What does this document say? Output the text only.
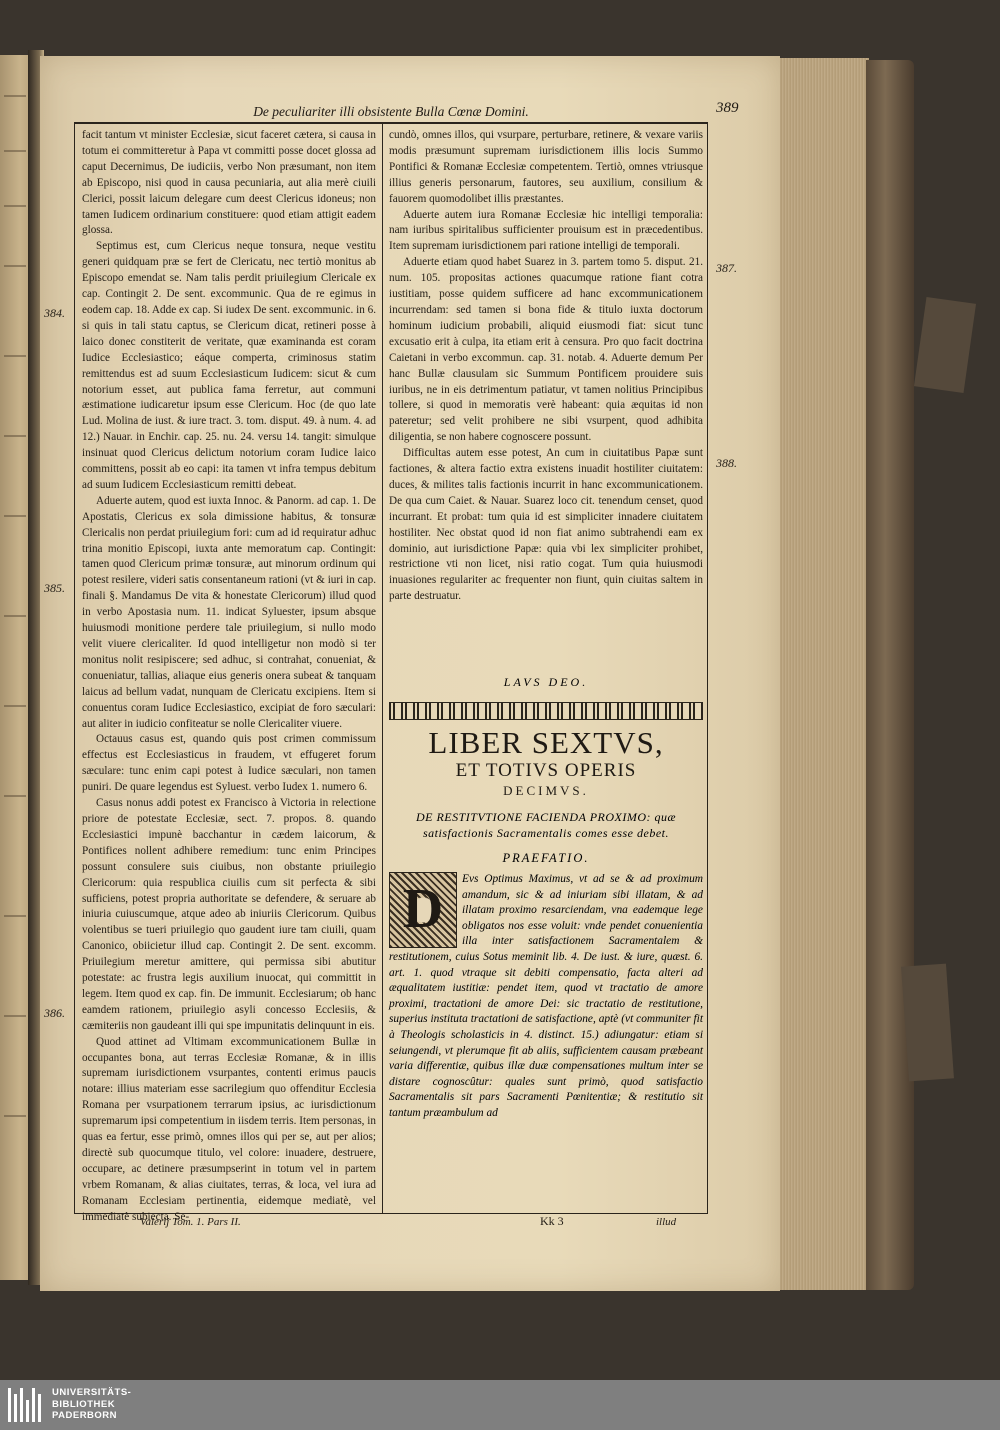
De peculiariter illi obsistente Bulla Cœnæ Domini.	389

facit tantum vt minister Ecclesiæ, sicut faceret cætera, si causa in totum ei committeretur à Papa vt committi posse docet glossa ad caput Decernimus, De iudiciis, verbo Non præsumant, non item ab Episcopo, nisi quod in causa pecuniaria, aut alia merè ciuili Clerici, possit laicum delegare cum deest Clericus idoneus; non tamen Iudicem ordinarium constituere: quod etiam attigit eadem glossa.

Septimus est, cum Clericus neque tonsura, neque vestitu generi quidquam præ se fert de Clericatu, nec tertiò monitus ab Episcopo emendat se. Nam talis perdit priuilegium Clericale ex cap. Contingit 2. De sent. excommunic. Qua de re egimus in eodem cap. 18. Adde ex cap. Si iudex De sent. excommunic. in 6. si quis in tali statu captus, se Clericum dicat, retineri posse à laico donec constiterit de veritate, quæ examinanda est coram Iudice Ecclesiastico; eáque comperta, criminosus statim remittendus est ad suum Ecclesiasticum Iudicem: sicut & cum notorium esset, aut publica fama ferretur, aut communi æstimatione iudicaretur ipsum esse Clericum. Hoc (de quo late Lud. Molina de iust. & iure tract. 3. tom. disput. 49. à num. 4. ad 12.) Nauar. in Enchir. cap. 25. nu. 24. versu 14. tangit: simulque insinuat quod Clericus delictum notorium coram Iudice laico committens, possit ab eo capi: ita tamen vt infra tempus debitum ad suum Iudicem Ecclesiasticum remitti debeat.

Aduerte autem, quod est iuxta Innoc. & Panorm. ad cap. 1. De Apostatis, Clericus ex sola dimissione habitus, & tonsuræ Clericalis non perdat priuilegium fori: cum ad id requiratur adhuc trina monitio Episcopi, iuxta ante memoratum cap. Contingit: tamen quod Clericum primæ tonsuræ, aut minorum ordinum qui potest resilere, videri satis consentaneum rationi (vt & iuri in cap. finali §. Mandamus De vita & honestate Clericorum) illud quod in verbo Apostasia num. 11. indicat Syluester, ipsum absque huiusmodi monitione perdere tale priuilegium, si nullo modo velit viuere clericaliter. Id quod intelligetur non modò si ter monitus nolit resipiscere; sed adhuc, si contrahat, conueniat, & conueniatur, tallias, aliaque eius generis onera subeat & tanquam laicus ad bellum vadat, nunquam de Clericatu excipiens. Item si conuentus coram Iudice Ecclesiastico, excipiat de foro sæculari: aut aliter in iudicio confiteatur se nolle Clericaliter viuere.

Octauus casus est, quando quis post crimen commissum effectus est Ecclesiasticus in fraudem, vt effugeret forum sæculare: tunc enim capi potest à Iudice sæculari, non tamen puniri. De quare legendus est Syluest. verbo Iudex 1. numero 6.

Casus nonus addi potest ex Francisco à Victoria in relectione priore de potestate Ecclesiæ, sect. 7. propos. 8. quando Ecclesiastici impunè bacchantur in cædem laicorum, & Pontifices nollent adhibere remedium: tunc enim Principes possunt consulere suis ciuibus, non obstante priuilegio Clericorum: quia respublica ciuilis cum sit perfecta & sibi sufficiens, potest propria authoritate se defendere, & seruare ab iniuria cuiuscumque, atque adeo ab iniuriis Clericorum. Quibus volentibus se tueri priuilegio quo gaudent iure tam ciuili, quam Canonico, obiicietur illud cap. Contingit 2. De sent. excomm. Priuilegium meretur amittere, qui permissa sibi abutitur potestate: ac frustra legis auxilium inuocat, qui committit in legem. Item quod ex cap. fin. De immunit. Ecclesiarum; ob hanc eamdem rationem, priuilegio asyli concesso Ecclesiis, & cæmiteriis non gaudeant illi qui spe impunitatis delinquunt in eis.

Quod attinet ad Vltimam excommunicationem Bullæ in occupantes bona, aut terras Ecclesiæ Romanæ, & in illis supremam iurisdictionem vsurpantes, contenti erimus paucis notare: illius materiam esse sacrilegium quo offenditur Ecclesia Romana per vsurpationem terrarum ipsius, ac iurisdictionum supremarum ipsi competentium in iisdem terris. Item personas, in quas ea fertur, esse primò, omnes illos qui per se, aut per alios; directè sub quocumque titulo, vel colore: inuadere, destruere, occupare, ac detinere præsumpserint in totum vel in partem vrbem Romanam, & alias ciuitates, terras, & loca, vel iura ad Romanam Ecclesiam pertinentia, eidemque mediatè, vel immediatè subiecta. Se-

cundò, omnes illos, qui vsurpare, perturbare, retinere, & vexare variis modis præsumunt supremam iurisdictionem illis locis Summo Pontifici & Romanæ Ecclesiæ competentem. Tertiò, omnes vtriusque illius generis personarum, fautores, seu auxilium, consilium & fauorem quomodolibet illis præstantes.

Aduerte autem iura Romanæ Ecclesiæ hic intelligi temporalia: nam iuribus spiritalibus sufficienter prouisum est in præcedentibus. Item supremam iurisdictionem pari ratione intelligi de temporali.

Aduerte etiam quod habet Suarez in 3. partem tomo 5. disput. 21. num. 105. propositas actiones quacumque ratione fiant cotra iustitiam, posse quidem sufficere ad hanc excommunicationem incurrendam: sed tamen si bona fide & titulo iuxta doctorum hominum iudicium probabili, aliquid eiusmodi fiat: sicut tunc excusatio erit à culpa, ita etiam erit à censura. Pro quo facit doctrina Caietani in verbo excommun. cap. 31. notab. 4. Aduerte demum Per hanc Bullæ clausulam sic Summum Pontificem prouidere suis iuribus, ne in eis detrimentum patiatur, vt tamen nolitius Principibus tollere, si quod in memoratis verè habeant: quia æquitas id non pateretur; sed velit prohibere ne sibi vsurpent, quod adhibita diligentia, se non habere cognoscere possunt.

Difficultas autem esse potest, An cum in ciuitatibus Papæ sunt factiones, & altera factio extra existens inuadit hostiliter ciuitatem: duces, & milites talis factionis incurrit in hanc excommunicationem. De qua cum Caiet. & Nauar. Suarez loco cit. tenendum censet, quod incurrant. Et probat: tum quia id est simpliciter innadere ciuitatem hostiliter. Nec obstat quod id non fiat animo subtrahendi eam ex dominio, aut iurisdictione Papæ: quia vbi lex simpliciter prohibet, restrictione vti non licet, nisi ratio cogat. Tum quia huiusmodi inuasiones regulariter ac frequenter non fiunt, quin ciuitas saltem in parte destruatur.

LAVS DEO.
LIBER SEXTVS,
ET TOTIVS OPERIS
DECIMVS.
DE RESTITVTIONE FACIENDA PROXIMO: quæ satisfactionis Sacramentalis comes esse debet.
PRAEFATIO.
D	Evs Optimus Maximus, vt ad se & ad proximum amandum, sic & ad iniuriam sibi illatam, & ad illatam proximo resarciendam, vna eademque lege obligatos nos esse voluit: vnde pendet conuenientia illa inter satisfactionem Sacramentalem & restitutionem, cuius Sotus meminit lib. 4. De iust. & iure, quæst. 6. art. 1. quod vtraque sit debiti compensatio, facta alteri ad æqualitatem iustitiæ: pendet item, quod vt tractatio de amore proximi, tractationi de amore Dei: sic tractatio de restitutione, superius instituta tractationi de satisfactione, aptè (vt communiter fit à Theologis scholasticis in 4. distinct. 15.) adiungatur: etiam si seiungendi, vt plerumque fit ab aliis, sufficientem causam præbeant varia differentiæ, quibus illæ duæ compensationes multum inter se distare cognoscûtur: quales sunt primò, quod satisfactio Sacramentalis sit pars Sacramenti Pœnitentiæ; & restitutio sit tantum præambulum ad
384.
385.
386.
387.
388.
Valerij Tom. 1. Pars II.	Kk 3	illud
UNIVERSITÄTS-
BIBLIOTHEK
PADERBORN
